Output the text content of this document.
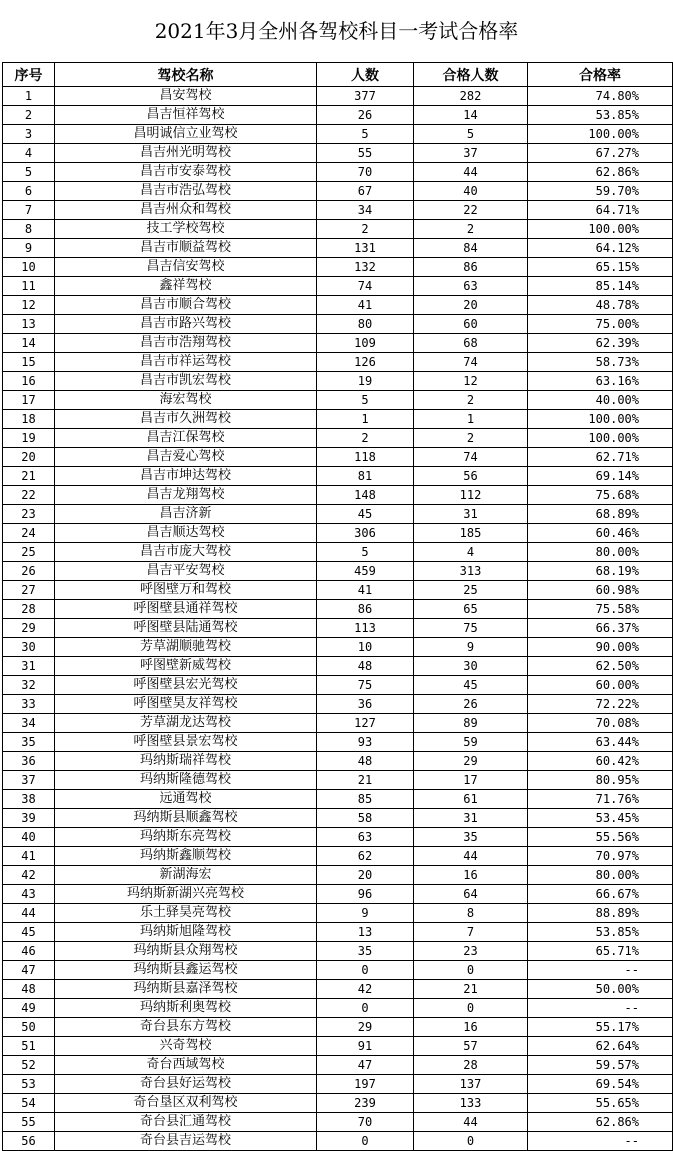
2021年3月全州各驾校科目一考试合格率
序号	驾校名称	人数	合格人数	合格率
1	昌安驾校	377	282	74.80%
2	昌吉恒祥驾校	26	14	53.85%
3	昌明诚信立业驾校	5	5	100.00%
4	昌吉州光明驾校	55	37	67.27%
5	昌吉市安泰驾校	70	44	62.86%
6	昌吉市浩弘驾校	67	40	59.70%
7	昌吉州众和驾校	34	22	64.71%
8	技工学校驾校	2	2	100.00%
9	昌吉市顺益驾校	131	84	64.12%
10	昌吉信安驾校	132	86	65.15%
11	鑫祥驾校	74	63	85.14%
12	昌吉市顺合驾校	41	20	48.78%
13	昌吉市路兴驾校	80	60	75.00%
14	昌吉市浩翔驾校	109	68	62.39%
15	昌吉市祥运驾校	126	74	58.73%
16	昌吉市凯宏驾校	19	12	63.16%
17	海宏驾校	5	2	40.00%
18	昌吉市久洲驾校	1	1	100.00%
19	昌吉江保驾校	2	2	100.00%
20	昌吉爱心驾校	118	74	62.71%
21	昌吉市坤达驾校	81	56	69.14%
22	昌吉龙翔驾校	148	112	75.68%
23	昌吉济新	45	31	68.89%
24	昌吉顺达驾校	306	185	60.46%
25	昌吉市庞大驾校	5	4	80.00%
26	昌吉平安驾校	459	313	68.19%
27	呼图壁万和驾校	41	25	60.98%
28	呼图壁县通祥驾校	86	65	75.58%
29	呼图壁县陆通驾校	113	75	66.37%
30	芳草湖顺驰驾校	10	9	90.00%
31	呼图壁新威驾校	48	30	62.50%
32	呼图壁县宏光驾校	75	45	60.00%
33	呼图壁昊友祥驾校	36	26	72.22%
34	芳草湖龙达驾校	127	89	70.08%
35	呼图壁县景宏驾校	93	59	63.44%
36	玛纳斯瑞祥驾校	48	29	60.42%
37	玛纳斯隆德驾校	21	17	80.95%
38	远通驾校	85	61	71.76%
39	玛纳斯县顺鑫驾校	58	31	53.45%
40	玛纳斯东亮驾校	63	35	55.56%
41	玛纳斯鑫顺驾校	62	44	70.97%
42	新湖海宏	20	16	80.00%
43	玛纳斯新湖兴亮驾校	96	64	66.67%
44	乐土驿昊亮驾校	9	8	88.89%
45	玛纳斯旭隆驾校	13	7	53.85%
46	玛纳斯县众翔驾校	35	23	65.71%
47	玛纳斯县鑫运驾校	0	0	--
48	玛纳斯县嘉泽驾校	42	21	50.00%
49	玛纳斯利奥驾校	0	0	--
50	奇台县东方驾校	29	16	55.17%
51	兴奇驾校	91	57	62.64%
52	奇台西域驾校	47	28	59.57%
53	奇台县好运驾校	197	137	69.54%
54	奇台垦区双利驾校	239	133	55.65%
55	奇台县汇通驾校	70	44	62.86%
56	奇台县吉运驾校	0	0	--
